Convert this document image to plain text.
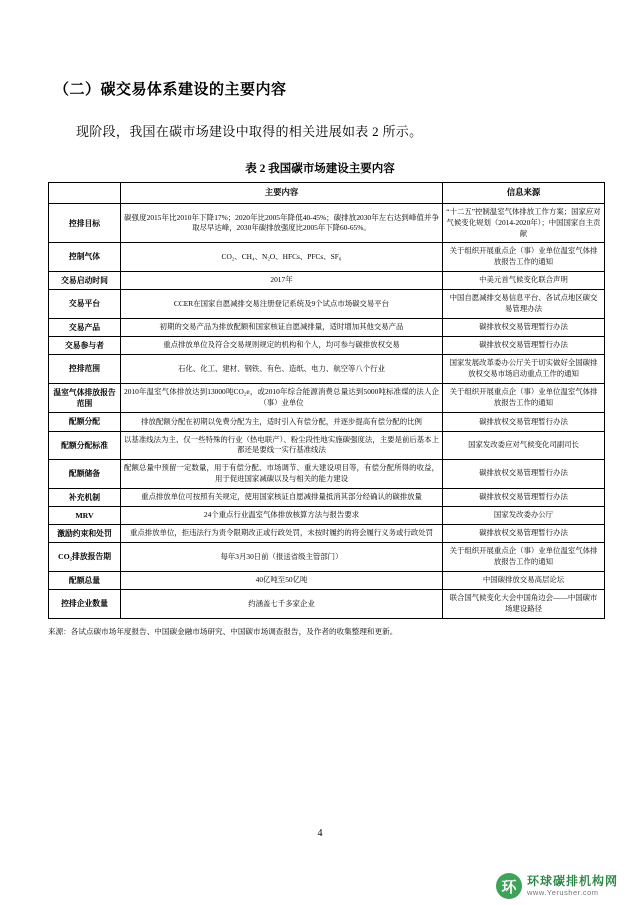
（二）碳交易体系建设的主要内容
现阶段，我国在碳市场建设中取得的相关进展如表 2 所示。
表 2 我国碳市场建设主要内容
	主要内容	信息来源
控排目标	碳强度2015年比2010年下降17%；2020年比2005年降低40-45%；碳排放2030年左右达到峰值并争取尽早达峰，2030年碳排放强度比2005年下降60-65%。	“十二五”控制温室气体排放工作方案；国家应对气候变化规划（2014-2020年）；中国国家自主贡献
控制气体	CO₂、CH₄、N₂O、HFCs、PFCs、SF₆	关于组织开展重点企（事）业单位温室气体排放报告工作的通知
交易启动时间	2017年	中美元首气候变化联合声明
交易平台	CCER在国家自愿减排交易注册登记系统及9个试点市场碳交易平台	中国自愿减排交易信息平台、各试点地区碳交易管理办法
交易产品	初期的交易产品为排放配额和国家核证自愿减排量，适时增加其他交易产品	碳排放权交易管理暂行办法
交易参与者	重点排放单位及符合交易规则规定的机构和个人，均可参与碳排放权交易	碳排放权交易管理暂行办法
控排范围	石化、化工、建材、钢铁、有色、造纸、电力、航空等八个行业	国家发展改革委办公厅关于切实做好全国碳排放权交易市场启动重点工作的通知
温室气体排放报告范围	2010年温室气体排放达到13000吨CO₂e，或2010年综合能源消费总量达到5000吨标准煤的法人企（事）业单位	关于组织开展重点企（事）业单位温室气体排放报告工作的通知
配额分配	排放配额分配在初期以免费分配为主，适时引入有偿分配，并逐步提高有偿分配的比例	碳排放权交易管理暂行办法
配额分配标准	以基准线法为主、仅一些特殊的行业（热电联产）、粉尘段性地实施碳强度法，主要是前后基本上都还是要线一实行基准线法	国家发改委应对气候变化司副司长
配额储备	配额总量中预留一定数量，用于有偿分配、市场调节、重大建设项目等，有偿分配所得的收益，用于促进国家减碳以及与相关的能力建设	碳排放权交易管理暂行办法
补充机制	重点排放单位可按照有关规定，使用国家核证自愿减排量抵消其部分经确认的碳排放量	碳排放权交易管理暂行办法
MRV	24个重点行业温室气体排放核算方法与报告要求	国家发改委办公厅
激励约束和处罚	重点排放单位，拒违法行为责令限期改正或行政处罚，未按时履约的将会履行义务或行政处罚	碳排放权交易管理暂行办法
CO₂排放报告期	每年3月30日前（报送省级主管部门）	关于组织开展重点企（事）业单位温室气体排放报告工作的通知
配额总量	40亿吨至50亿吨	中国碳排放交易高层论坛
控排企业数量	约涵盖七千多家企业	联合国气候变化大会中国角边会——中国碳市场建设路径
来源：各试点碳市场年度报告、中国碳金融市场研究、中国碳市场调查报告，及作者的收集整理和更新。
4
环 环球碳排机构网
www.Yerusher.com
